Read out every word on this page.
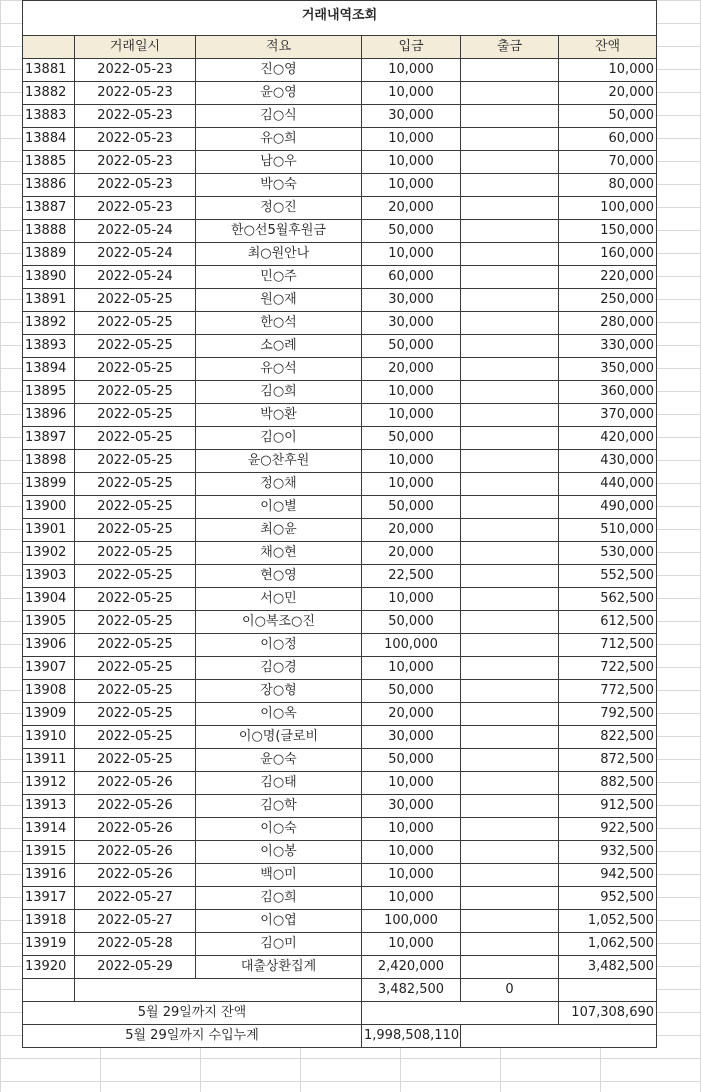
거래내역조회					
	거래일시	적요	입금	출금	잔액
13881	2022-05-23	진○영	10,000		10,000
13882	2022-05-23	윤○영	10,000		20,000
13883	2022-05-23	김○식	30,000		50,000
13884	2022-05-23	유○희	10,000		60,000
13885	2022-05-23	남○우	10,000		70,000
13886	2022-05-23	박○숙	10,000		80,000
13887	2022-05-23	정○진	20,000		100,000
13888	2022-05-24	한○선5월후원금	50,000		150,000
13889	2022-05-24	최○원안나	10,000		160,000
13890	2022-05-24	민○주	60,000		220,000
13891	2022-05-25	원○재	30,000		250,000
13892	2022-05-25	한○석	30,000		280,000
13893	2022-05-25	소○례	50,000		330,000
13894	2022-05-25	유○석	20,000		350,000
13895	2022-05-25	김○희	10,000		360,000
13896	2022-05-25	박○환	10,000		370,000
13897	2022-05-25	김○이	50,000		420,000
13898	2022-05-25	윤○찬후원	10,000		430,000
13899	2022-05-25	정○채	10,000		440,000
13900	2022-05-25	이○별	50,000		490,000
13901	2022-05-25	최○윤	20,000		510,000
13902	2022-05-25	채○현	20,000		530,000
13903	2022-05-25	현○영	22,500		552,500
13904	2022-05-25	서○민	10,000		562,500
13905	2022-05-25	이○복조○진	50,000		612,500
13906	2022-05-25	이○정	100,000		712,500
13907	2022-05-25	김○경	10,000		722,500
13908	2022-05-25	장○형	50,000		772,500
13909	2022-05-25	이○옥	20,000		792,500
13910	2022-05-25	이○명(글로비	30,000		822,500
13911	2022-05-25	윤○숙	50,000		872,500
13912	2022-05-26	김○태	10,000		882,500
13913	2022-05-26	김○학	30,000		912,500
13914	2022-05-26	이○숙	10,000		922,500
13915	2022-05-26	이○봉	10,000		932,500
13916	2022-05-26	백○미	10,000		942,500
13917	2022-05-27	김○희	10,000		952,500
13918	2022-05-27	이○엽	100,000		1,052,500
13919	2022-05-28	김○미	10,000		1,062,500
13920	2022-05-29	대출상환집계	2,420,000		3,482,500
			3,482,500	0	
5월 29일까지 잔액					107,308,690
5월 29일까지 수입누계			1,998,508,110		
